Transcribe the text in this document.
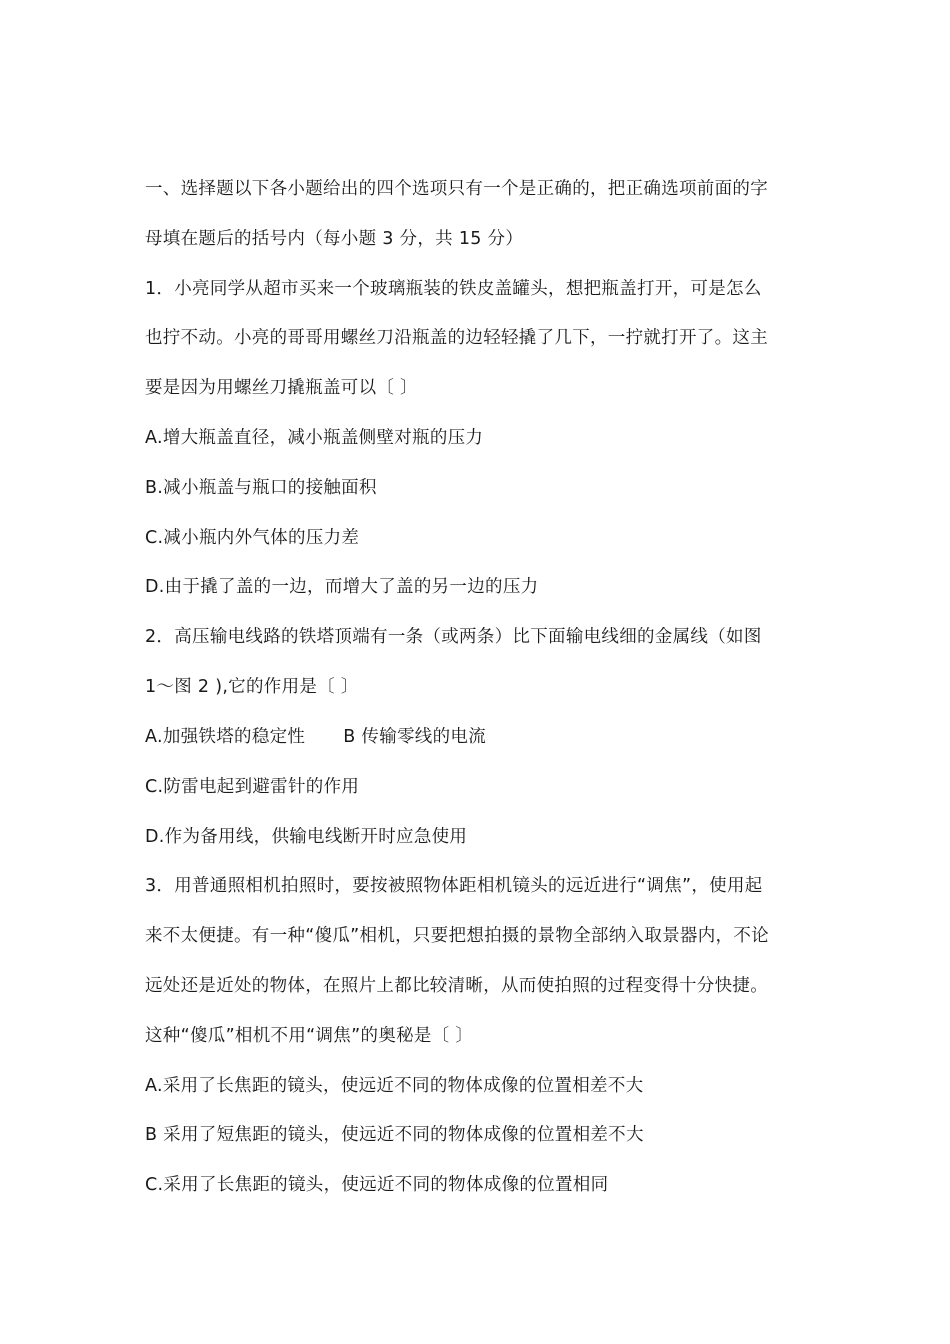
一、选择题以下各小题给出的四个选项只有一个是正确的，把正确选项前面的字
母填在题后的括号内（每小题 3 分，共 15 分）
1．小亮同学从超市买来一个玻璃瓶装的铁皮盖罐头，想把瓶盖打开，可是怎么
也拧不动。小亮的哥哥用螺丝刀沿瓶盖的边轻轻撬了几下，一拧就打开了。这主
要是因为用螺丝刀撬瓶盖可以〔 〕
A.增大瓶盖直径，减小瓶盖侧壁对瓶的压力
B.减小瓶盖与瓶口的接触面积
C.减小瓶内外气体的压力差
D.由于撬了盖的一边，而增大了盖的另一边的压力
2．高压输电线路的铁塔顶端有一条（或两条）比下面输电线细的金属线（如图
1～图 2 ),它的作用是〔 〕
A.加强铁塔的稳定性 B 传输零线的电流
C.防雷电起到避雷针的作用
D.作为备用线，供输电线断开时应急使用
3．用普通照相机拍照时，要按被照物体距相机镜头的远近进行“调焦”，使用起
来不太便捷。有一种“傻瓜”相机，只要把想拍摄的景物全部纳入取景器内，不论
远处还是近处的物体，在照片上都比较清晰，从而使拍照的过程变得十分快捷。
这种“傻瓜”相机不用“调焦”的奥秘是〔 〕
A.采用了长焦距的镜头，使远近不同的物体成像的位置相差不大
B 采用了短焦距的镜头，使远近不同的物体成像的位置相差不大
C.采用了长焦距的镜头，使远近不同的物体成像的位置相同
